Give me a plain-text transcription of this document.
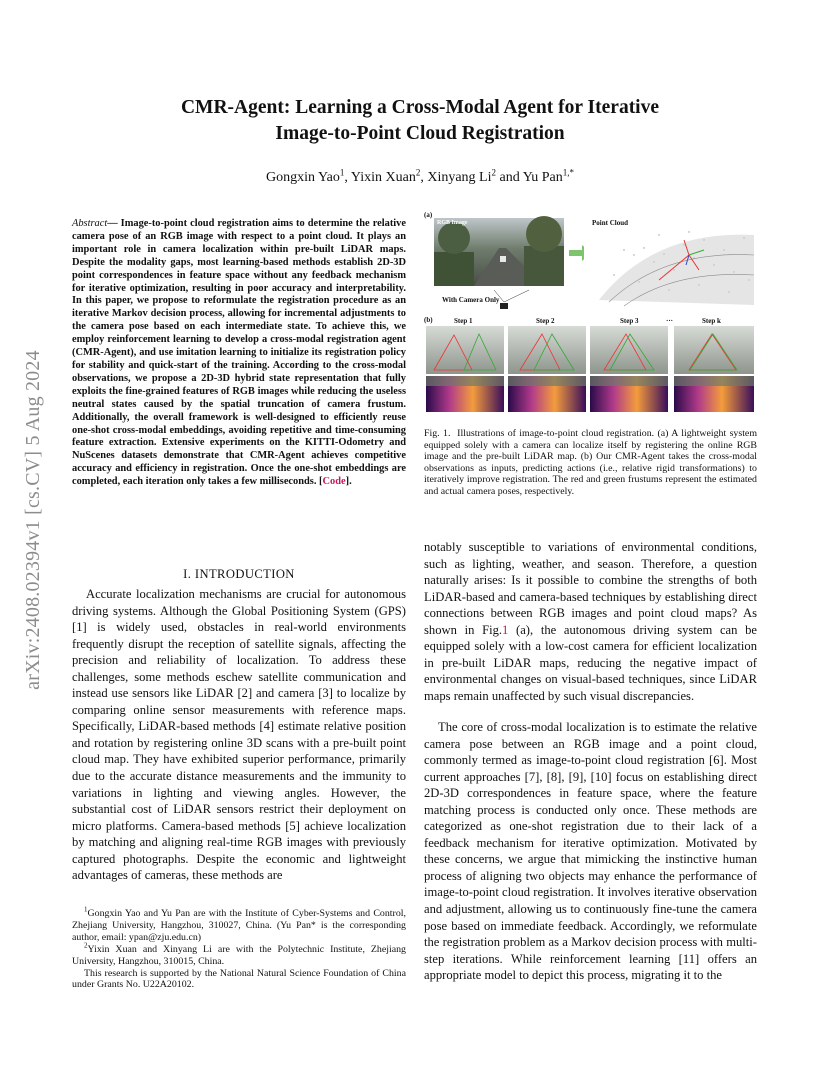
arXiv:2408.02394v1 [cs.CV] 5 Aug 2024
CMR-Agent: Learning a Cross-Modal Agent for Iterative
Image-to-Point Cloud Registration
Gongxin Yao$^1$, Yixin Xuan$^2$, Xinyang Li$^2$ and Yu Pan$^{1,*}$
Abstract— Image-to-point cloud registration aims to determine the relative camera pose of an RGB image with respect to a point cloud. It plays an important role in camera localization within pre-built LiDAR maps. Despite the modality gaps, most learning-based methods establish 2D-3D point correspondences in feature space without any feedback mechanism for iterative optimization, resulting in poor accuracy and interpretability. In this paper, we propose to reformulate the registration procedure as an iterative Markov decision process, allowing for incremental adjustments to the camera pose based on each intermediate state. To achieve this, we employ reinforcement learning to develop a cross-modal registration agent (CMR-Agent), and use imitation learning to initialize its registration policy for stability and quick-start of the training. According to the cross-modal observations, we propose a 2D-3D hybrid state representation that fully exploits the fine-grained features of RGB images while reducing the useless neutral states caused by the spatial truncation of camera frustum. Additionally, the overall framework is well-designed to efficiently reuse one-shot cross-modal embeddings, avoiding repetitive and time-consuming feature extraction. Extensive experiments on the KITTI-Odometry and NuScenes datasets demonstrate that CMR-Agent achieves competitive accuracy and efficiency in registration. Once the one-shot embeddings are completed, each iteration only takes a few milliseconds. [Code].
I. INTRODUCTION
Accurate localization mechanisms are crucial for autonomous driving systems. Although the Global Positioning System (GPS) [1] is widely used, obstacles in real-world environments frequently disrupt the reception of satellite signals, affecting the precision and reliability of localization. To address these challenges, some methods eschew satellite communication and instead use sensors like LiDAR [2] and camera [3] to localize by comparing online sensor measurements with reference maps. Specifically, LiDAR-based methods [4] estimate relative position and rotation by registering online 3D scans with a pre-built point cloud map. They have exhibited superior performance, primarily due to the accurate distance measurements and the immunity to variations in lighting and viewing angles. However, the substantial cost of LiDAR sensors restrict their deployment on micro platforms. Camera-based methods [5] achieve localization by matching and aligning real-time RGB images with previously captured photographs. Despite the economic and lightweight advantages of cameras, these methods are

$^1$Gongxin Yao and Yu Pan are with the Institute of Cyber-Systems and Control, Zhejiang University, Hangzhou, 310027, China. (Yu Pan* is the corresponding author, email: ypan@zju.edu.cn)

$^2$Yixin Xuan and Xinyang Li are with the Polytechnic Institute, Zhejiang University, Hangzhou, 310015, China.

This research is supported by the National Natural Science Foundation of China under Grants No. U22A20102.

(a)
RGB Image	Point Cloud
With Camera Only
(b)	Step 1	Step 2	Step 3	···	Step k
Fig. 1. Illustrations of image-to-point cloud registration. (a) A lightweight system equipped solely with a camera can localize itself by registering the online RGB image and the pre-built LiDAR map. (b) Our CMR-Agent takes the cross-modal observations as inputs, predicting actions (i.e., relative rigid transformations) to iteratively improve registration. The red and green frustums represent the estimated and actual camera poses, respectively.
notably susceptible to variations of environmental conditions, such as lighting, weather, and season. Therefore, a question naturally arises: Is it possible to combine the strengths of both LiDAR-based and camera-based techniques by establishing direct connections between RGB images and point cloud maps? As shown in Fig.1 (a), the autonomous driving system can be equipped solely with a low-cost camera for efficient localization in pre-built LiDAR maps, reducing the negative impact of environmental changes on visual-based techniques, since LiDAR maps remain unaffected by such visual discrepancies.
The core of cross-modal localization is to estimate the relative camera pose between an RGB image and a point cloud, commonly termed as image-to-point cloud registration [6]. Most current approaches [7], [8], [9], [10] focus on establishing direct 2D-3D correspondences in feature space, where the feature matching process is conducted only once. These methods are categorized as one-shot registration due to their lack of a feedback mechanism for iterative optimization. Motivated by these concerns, we argue that mimicking the instinctive human process of aligning two objects may enhance the performance of image-to-point cloud registration. It involves iterative observation and adjustment, allowing us to continuously fine-tune the camera pose based on immediate feedback. Accordingly, we reformulate the registration problem as a Markov decision process with multi-step iterations. While reinforcement learning [11] offers an appropriate model to depict this process, migrating it to the
